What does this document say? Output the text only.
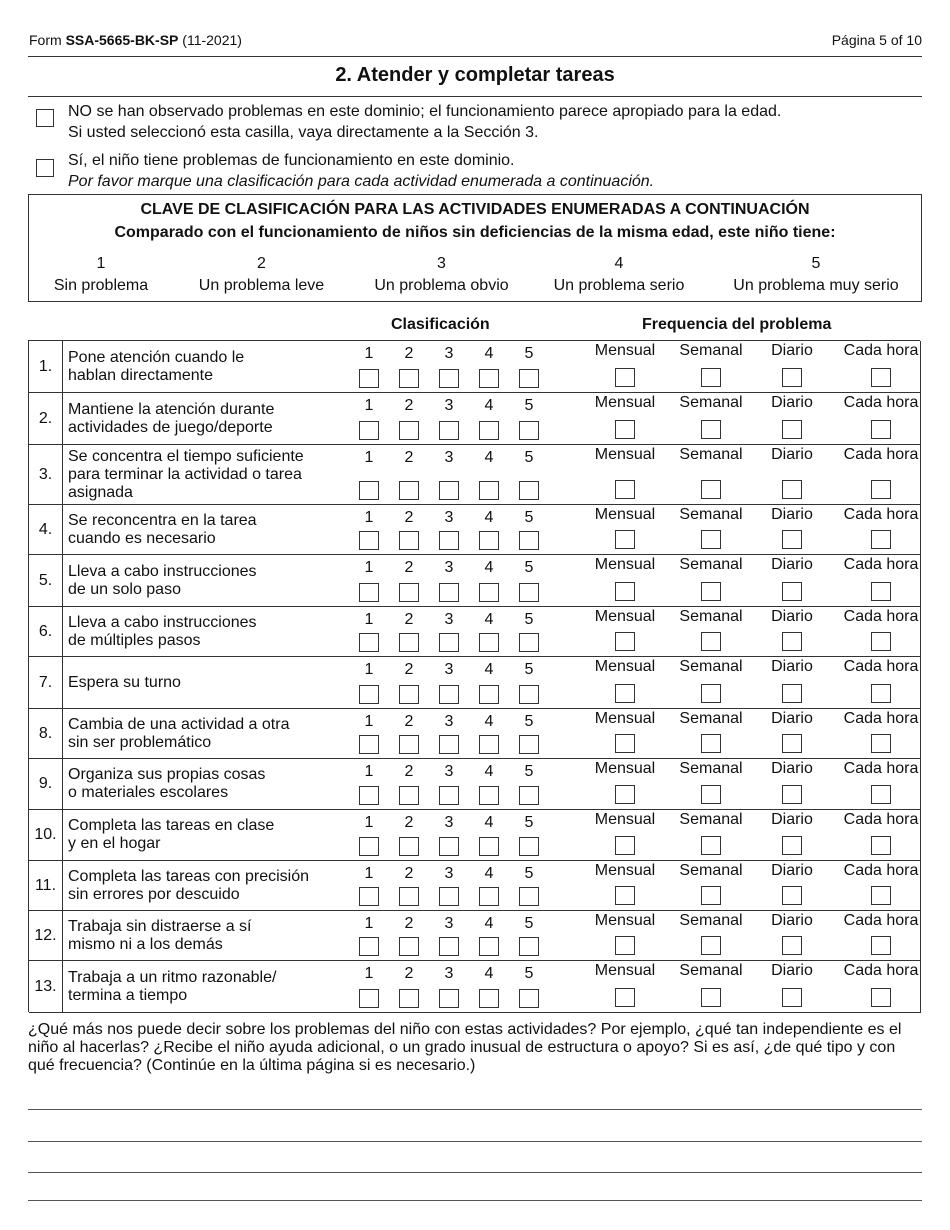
Form SSA-5665-BK-SP (11-2021)	Página 5 of 10
2. Atender y completar tareas
NO se han observado problemas en este dominio; el funcionamiento parece apropiado para la edad.
Si usted seleccionó esta casilla, vaya directamente a la Sección 3.
Sí, el niño tiene problemas de funcionamiento en este dominio.
Por favor marque una clasificación para cada actividad enumerada a continuación.
CLAVE DE CLASIFICACIÓN PARA LAS ACTIVIDADES ENUMERADAS A CONTINUACIÓN
Comparado con el funcionamiento de niños sin deficiencias de la misma edad, este niño tiene:
1
Sin problema
2
Un problema leve
3
Un problema obvio
4
Un problema serio
5
Un problema muy serio
Clasificación	Frequencia del problema
1.
Pone atención cuando le
hablan directamente
1	2	3	4	5	Mensual	Semanal	Diario	Cada hora
2.
Mantiene la atención durante
actividades de juego/deporte
1	2	3	4	5	Mensual	Semanal	Diario	Cada hora
3.
Se concentra el tiempo suficiente
para terminar la actividad o tarea
asignada
1	2	3	4	5	Mensual	Semanal	Diario	Cada hora
4.
Se reconcentra en la tarea
cuando es necesario
1	2	3	4	5	Mensual	Semanal	Diario	Cada hora
5.
Lleva a cabo instrucciones
de un solo paso
1	2	3	4	5	Mensual	Semanal	Diario	Cada hora
6.
Lleva a cabo instrucciones
de múltiples pasos
1	2	3	4	5	Mensual	Semanal	Diario	Cada hora
7. Espera su turno
1	2	3	4	5	Mensual	Semanal	Diario	Cada hora
8.
Cambia de una actividad a otra
sin ser problemático
1	2	3	4	5	Mensual	Semanal	Diario	Cada hora
9.
Organiza sus propias cosas
o materiales escolares
1	2	3	4	5	Mensual	Semanal	Diario	Cada hora
10.
Completa las tareas en clase
y en el hogar
1	2	3	4	5	Mensual	Semanal	Diario	Cada hora
11.
Completa las tareas con precisión
sin errores por descuido
1	2	3	4	5	Mensual	Semanal	Diario	Cada hora
12.
Trabaja sin distraerse a sí
mismo ni a los demás
1	2	3	4	5	Mensual	Semanal	Diario	Cada hora
13.
Trabaja a un ritmo razonable/
termina a tiempo
1	2	3	4	5	Mensual	Semanal	Diario	Cada hora
¿Qué más nos puede decir sobre los problemas del niño con estas actividades? Por ejemplo, ¿qué tan independiente es el niño al hacerlas? ¿Recibe el niño ayuda adicional, o un grado inusual de estructura o apoyo? Si es así, ¿de qué tipo y con qué frecuencia? (Continúe en la última página si es necesario.)
